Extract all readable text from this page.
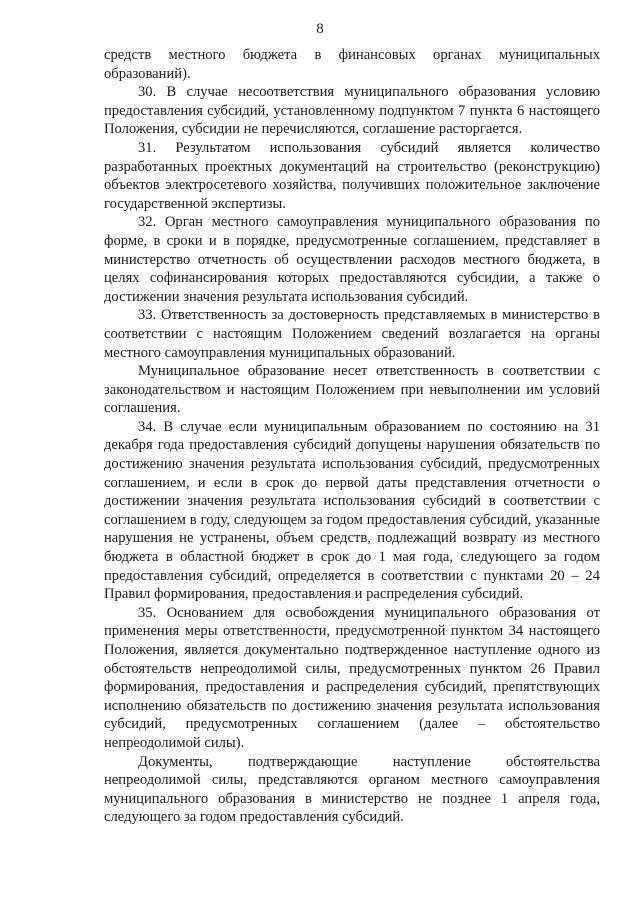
8

средств местного бюджета в финансовых органах муниципальных образований).

30. В случае несоответствия муниципального образования условию предоставления субсидий, установленному подпунктом 7 пункта 6 настоящего Положения, субсидии не перечисляются, соглашение расторгается.

31. Результатом использования субсидий является количество разработанных проектных документаций на строительство (реконструкцию) объектов электросетевого хозяйства, получивших положительное заключение государственной экспертизы.

32. Орган местного самоуправления муниципального образования по форме, в сроки и в порядке, предусмотренные соглашением, представляет в министерство отчетность об осуществлении расходов местного бюджета, в целях софинансирования которых предоставляются субсидии, а также о достижении значения результата использования субсидий.

33. Ответственность за достоверность представляемых в министерство в соответствии с настоящим Положением сведений возлагается на органы местного самоуправления муниципальных образований.

Муниципальное образование несет ответственность в соответствии с законодательством и настоящим Положением при невыполнении им условий соглашения.

34. В случае если муниципальным образованием по состоянию на 31 декабря года предоставления субсидий допущены нарушения обязательств по достижению значения результата использования субсидий, предусмотренных соглашением, и если в срок до первой даты представления отчетности о достижении значения результата использования субсидий в соответствии с соглашением в году, следующем за годом предоставления субсидий, указанные нарушения не устранены, объем средств, подлежащий возврату из местного бюджета в областной бюджет в срок до 1 мая года, следующего за годом предоставления субсидий, определяется в соответствии с пунктами 20 – 24 Правил формирования, предоставления и распределения субсидий.

35. Основанием для освобождения муниципального образования от применения меры ответственности, предусмотренной пунктом 34 настоящего Положения, является документально подтвержденное наступление одного из обстоятельств непреодолимой силы, предусмотренных пунктом 26 Правил формирования, предоставления и распределения субсидий, препятствующих исполнению обязательств по достижению значения результата использования субсидий, предусмотренных соглашением (далее – обстоятельство непреодолимой силы).

Документы, подтверждающие наступление обстоятельства непреодолимой силы, представляются органом местного самоуправления муниципального образования в министерство не позднее 1 апреля года, следующего за годом предоставления субсидий.
